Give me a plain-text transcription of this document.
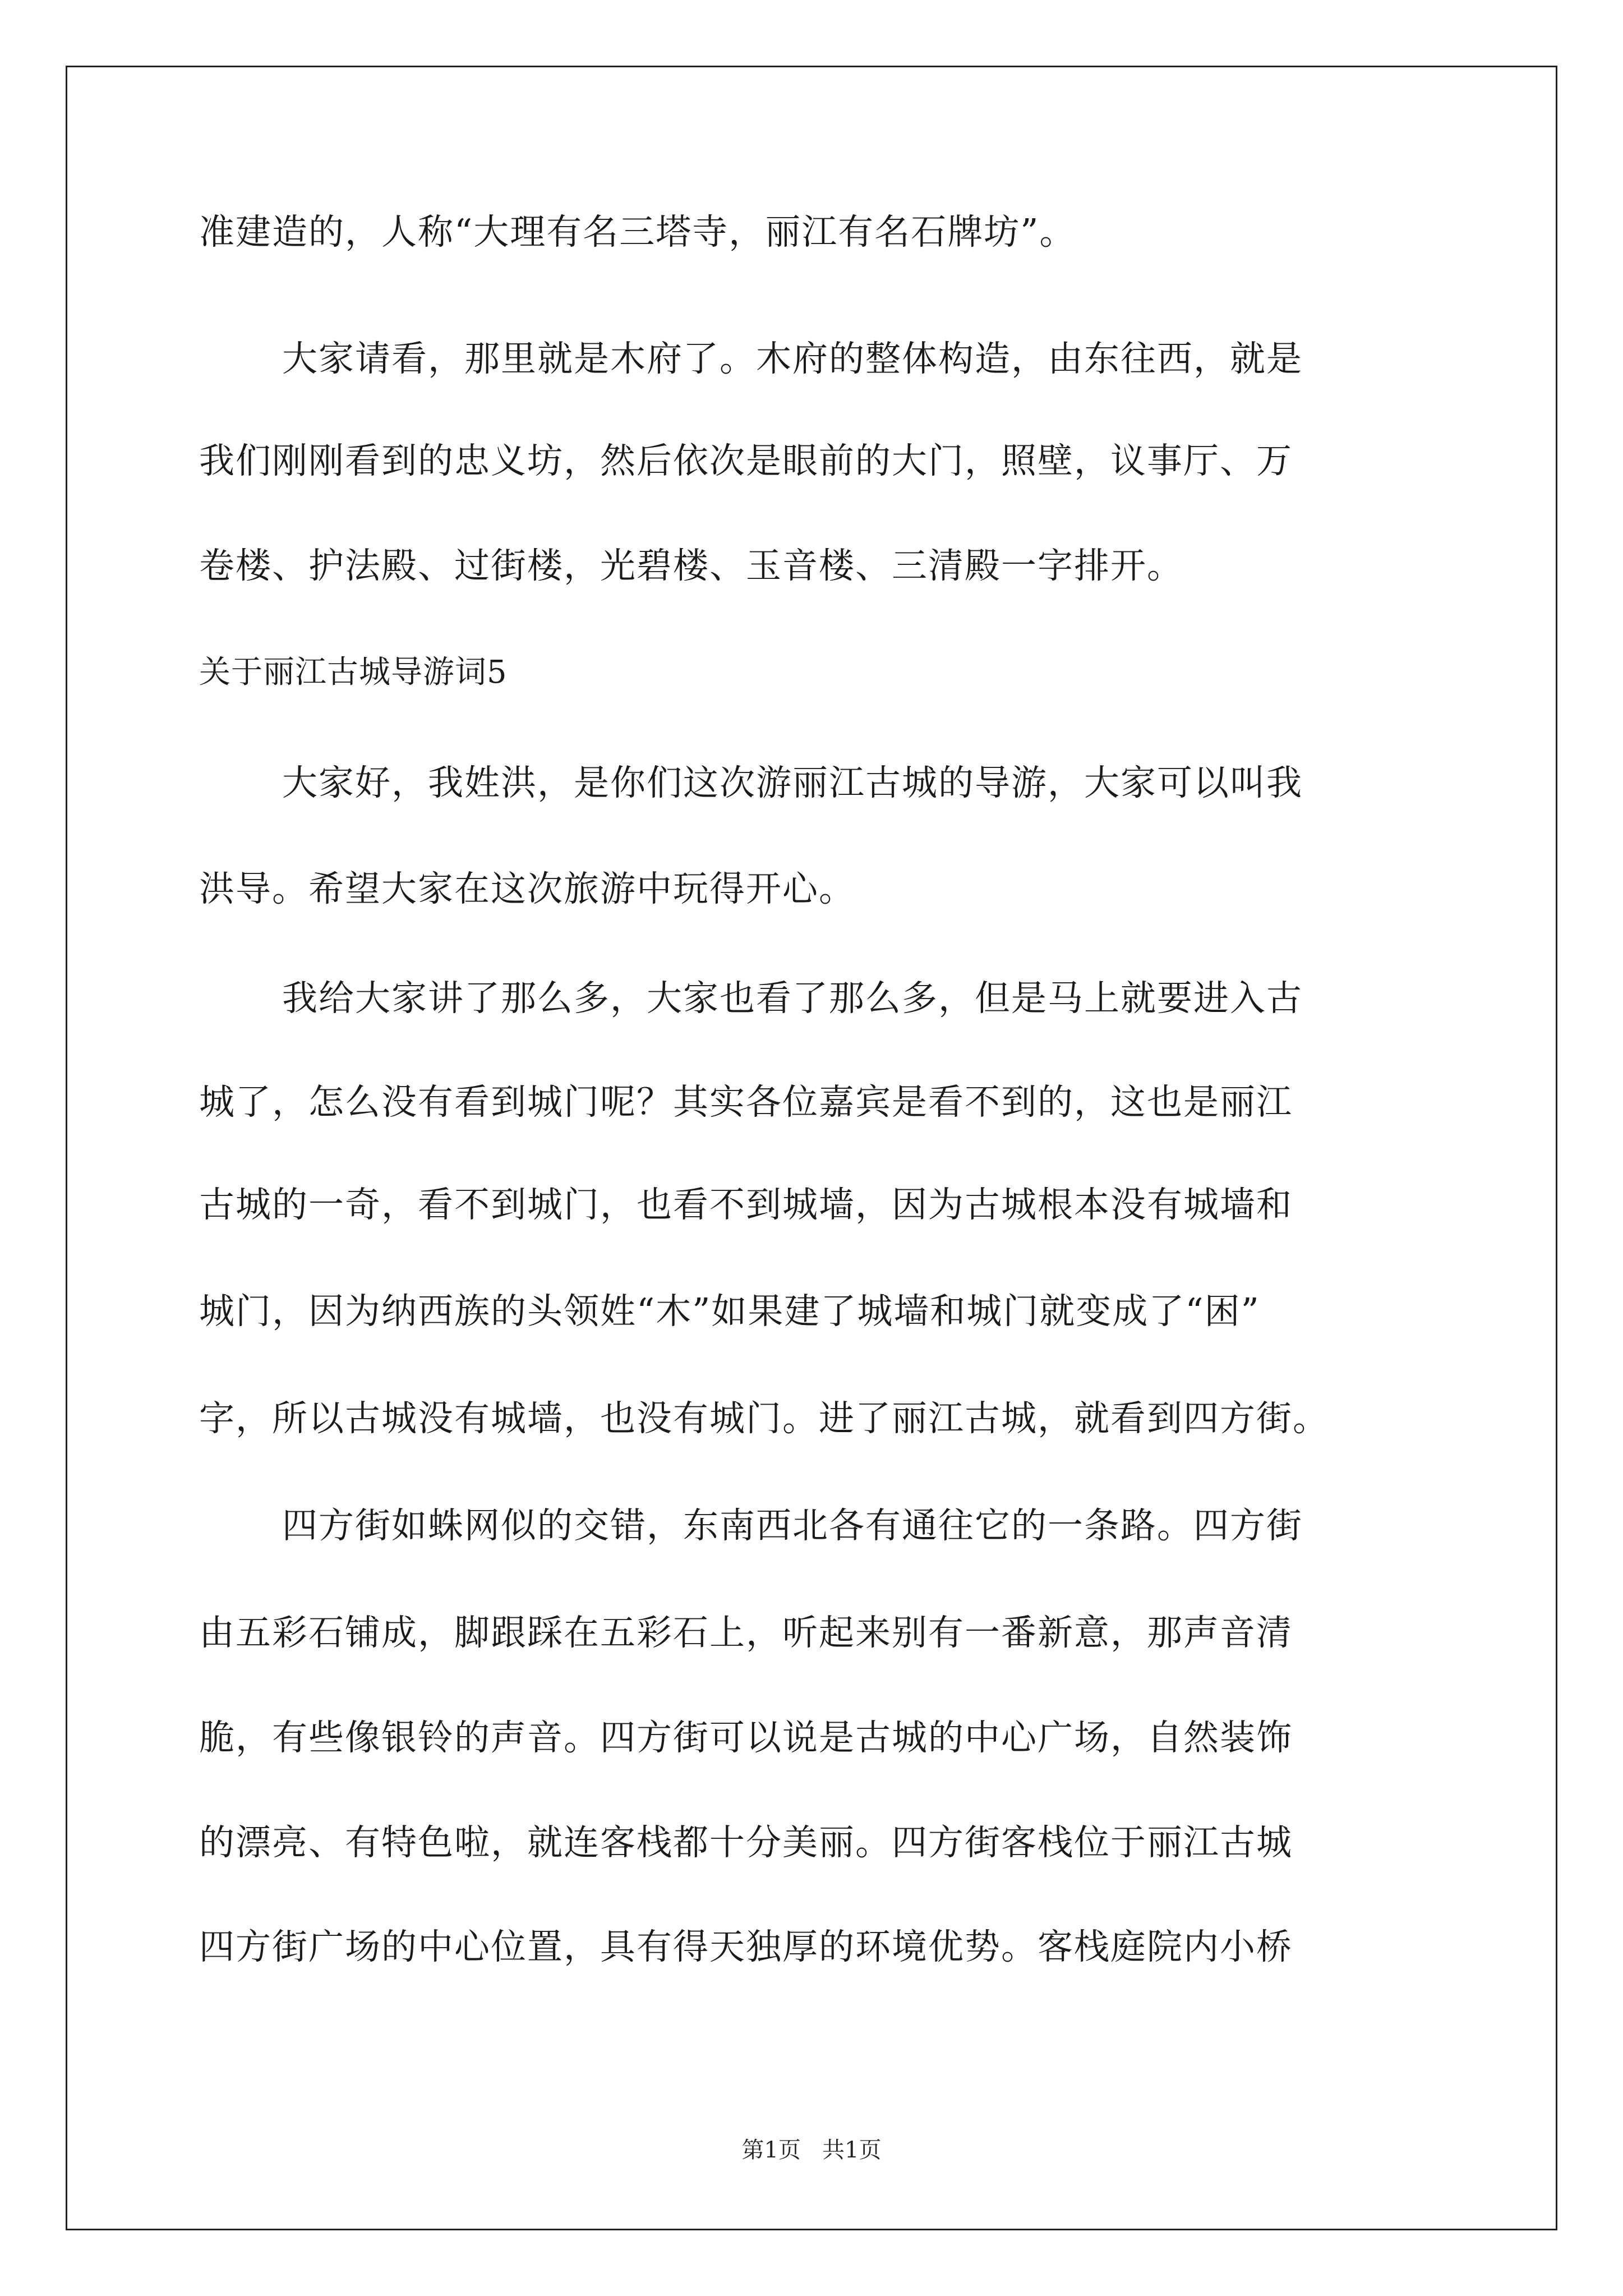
准建造的，人称“大理有名三塔寺，丽江有名石牌坊”。
大家请看，那里就是木府了。木府的整体构造，由东往西，就是
我们刚刚看到的忠义坊，然后依次是眼前的大门，照壁，议事厅、万
卷楼、护法殿、过街楼，光碧楼、玉音楼、三清殿一字排开。
关于丽江古城导游词5
大家好，我姓洪，是你们这次游丽江古城的导游，大家可以叫我
洪导。希望大家在这次旅游中玩得开心。
我给大家讲了那么多，大家也看了那么多，但是马上就要进入古
城了，怎么没有看到城门呢？其实各位嘉宾是看不到的，这也是丽江
古城的一奇，看不到城门，也看不到城墙，因为古城根本没有城墙和
城门，因为纳西族的头领姓“木”如果建了城墙和城门就变成了“困”
字，所以古城没有城墙，也没有城门。进了丽江古城，就看到四方街。
四方街如蛛网似的交错，东南西北各有通往它的一条路。四方街
由五彩石铺成，脚跟踩在五彩石上，听起来别有一番新意，那声音清
脆，有些像银铃的声音。四方街可以说是古城的中心广场，自然装饰
的漂亮、有特色啦，就连客栈都十分美丽。四方街客栈位于丽江古城
四方街广场的中心位置，具有得天独厚的环境优势。客栈庭院内小桥
第1页   共1页
